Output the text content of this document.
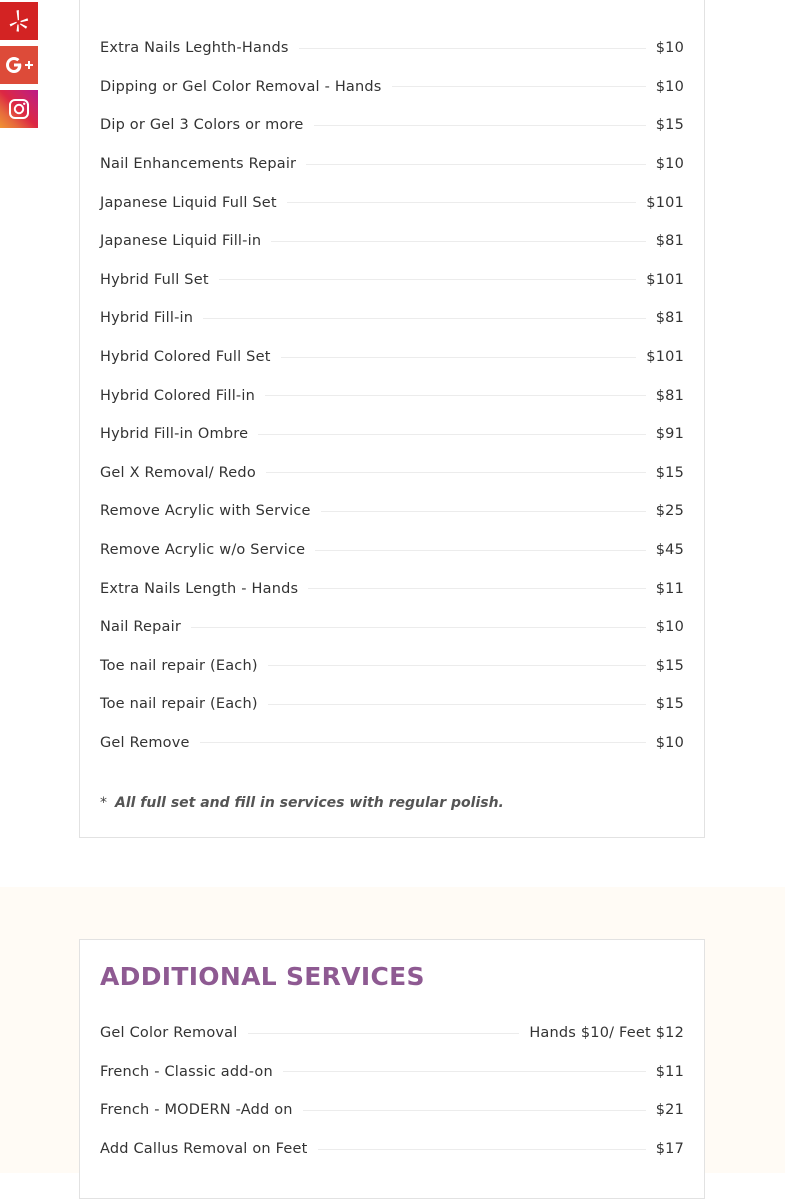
Extra Nails Leghth-Hands	$10
Dipping or Gel Color Removal - Hands	$10
Dip or Gel 3 Colors or more	$15
Nail Enhancements Repair	$10
Japanese Liquid Full Set	$101
Japanese Liquid Fill-in	$81
Hybrid Full Set	$101
Hybrid Fill-in	$81
Hybrid Colored Full Set	$101
Hybrid Colored Fill-in	$81
Hybrid Fill-in Ombre	$91
Gel X Removal/ Redo	$15
Remove Acrylic with Service	$25
Remove Acrylic w/o Service	$45
Extra Nails Length - Hands	$11
Nail Repair	$10
Toe nail repair (Each)	$15
Toe nail repair (Each)	$15
Gel Remove	$10
* All full set and fill in services with regular polish.
ADDITIONAL SERVICES
Gel Color Removal	Hands $10/ Feet $12
French - Classic add-on	$11
French - MODERN -Add on	$21
Add Callus Removal on Feet	$17
